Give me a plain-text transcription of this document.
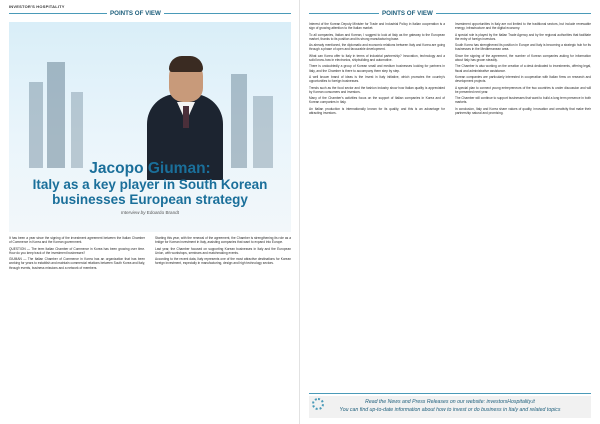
INVESTOR'S HOSPITALITY
POINTS OF VIEW
Jacopo Giuman:
Italy as a key player in South Korean
businesses European strategy
Interview by Edoardo Brandt

It has been a year since the signing of the investment agreement between the Italian Chamber of Commerce in Korea and the Korean government.

QUESTION — The term Italian Chamber of Commerce in Korea has been growing over time. How do you keep track of the investment businesses?

GIUMAN — The Italian Chamber of Commerce in Korea has an organization that has been working for years to establish and maintain commercial relations between South Korea and Italy, through events, business missions and a network of members.

Starting this year, with the renewal of the agreement, the Chamber is strengthening its role as a bridge for Korean investment in Italy, assisting companies that want to expand into Europe.

Last year, the Chamber focused on supporting Korean businesses in Italy and the European Union, with workshops, seminars and matchmaking events.

According to the recent data, Italy represents one of the most attractive destinations for Korean foreign investment, especially in manufacturing, design and high technology sectors.

POINTS OF VIEW

Interest of the Korean Deputy Minister for Trade and Industrial Policy in Italian cooperation is a sign of growing attention to the Italian market.

To all companies, Italian and Korean, I suggest to look at Italy as the gateway to the European market, thanks to its position and its strong manufacturing base.

As already mentioned, the diplomatic and economic relations between Italy and Korea are going through a phase of open and favourable development.

What can Korea offer to Italy in terms of industrial partnership? Innovation, technology and a solid know-how in electronics, shipbuilding and automotive.

There is undoubtedly a group of Korean small and medium businesses looking for partners in Italy, and the Chamber is there to accompany them step by step.

A well known brand of ideas is the Invest in Italy initiative, which promotes the country's opportunities to foreign businesses.

Trends such as the food sector and the fashion industry show how Italian quality is appreciated by Korean consumers and investors.

Many of the Chamber's activities focus on the support of Italian companies in Korea and of Korean companies in Italy.

An Italian production is internationally known for its quality, and this is an advantage for attracting investors.

Investment opportunities in Italy are not limited to the traditional sectors, but include renewable energy, infrastructure and the digital economy.

A special role is played by the Italian Trade Agency and by the regional authorities that facilitate the entry of foreign investors.

South Korea has strengthened its position in Europe and Italy is becoming a strategic hub for its businesses in the Mediterranean area.

Since the signing of the agreement, the number of Korean companies asking for information about Italy has grown steadily.

The Chamber is also working on the creation of a desk dedicated to investments, offering legal, fiscal and administrative assistance.

Korean companies are particularly interested in cooperation with Italian firms on research and development projects.

A special plan to connect young entrepreneurs of the two countries is under discussion and will be presented next year.

The Chamber will continue to support businesses that want to build a long term presence in both markets.

In conclusion, Italy and Korea share values of quality, innovation and creativity that make their partnership natural and promising.

Read the News and Press Releases on our website: investorsHospitality.it
You can find up-to-date information about how to invest or do business in Italy and related topics
